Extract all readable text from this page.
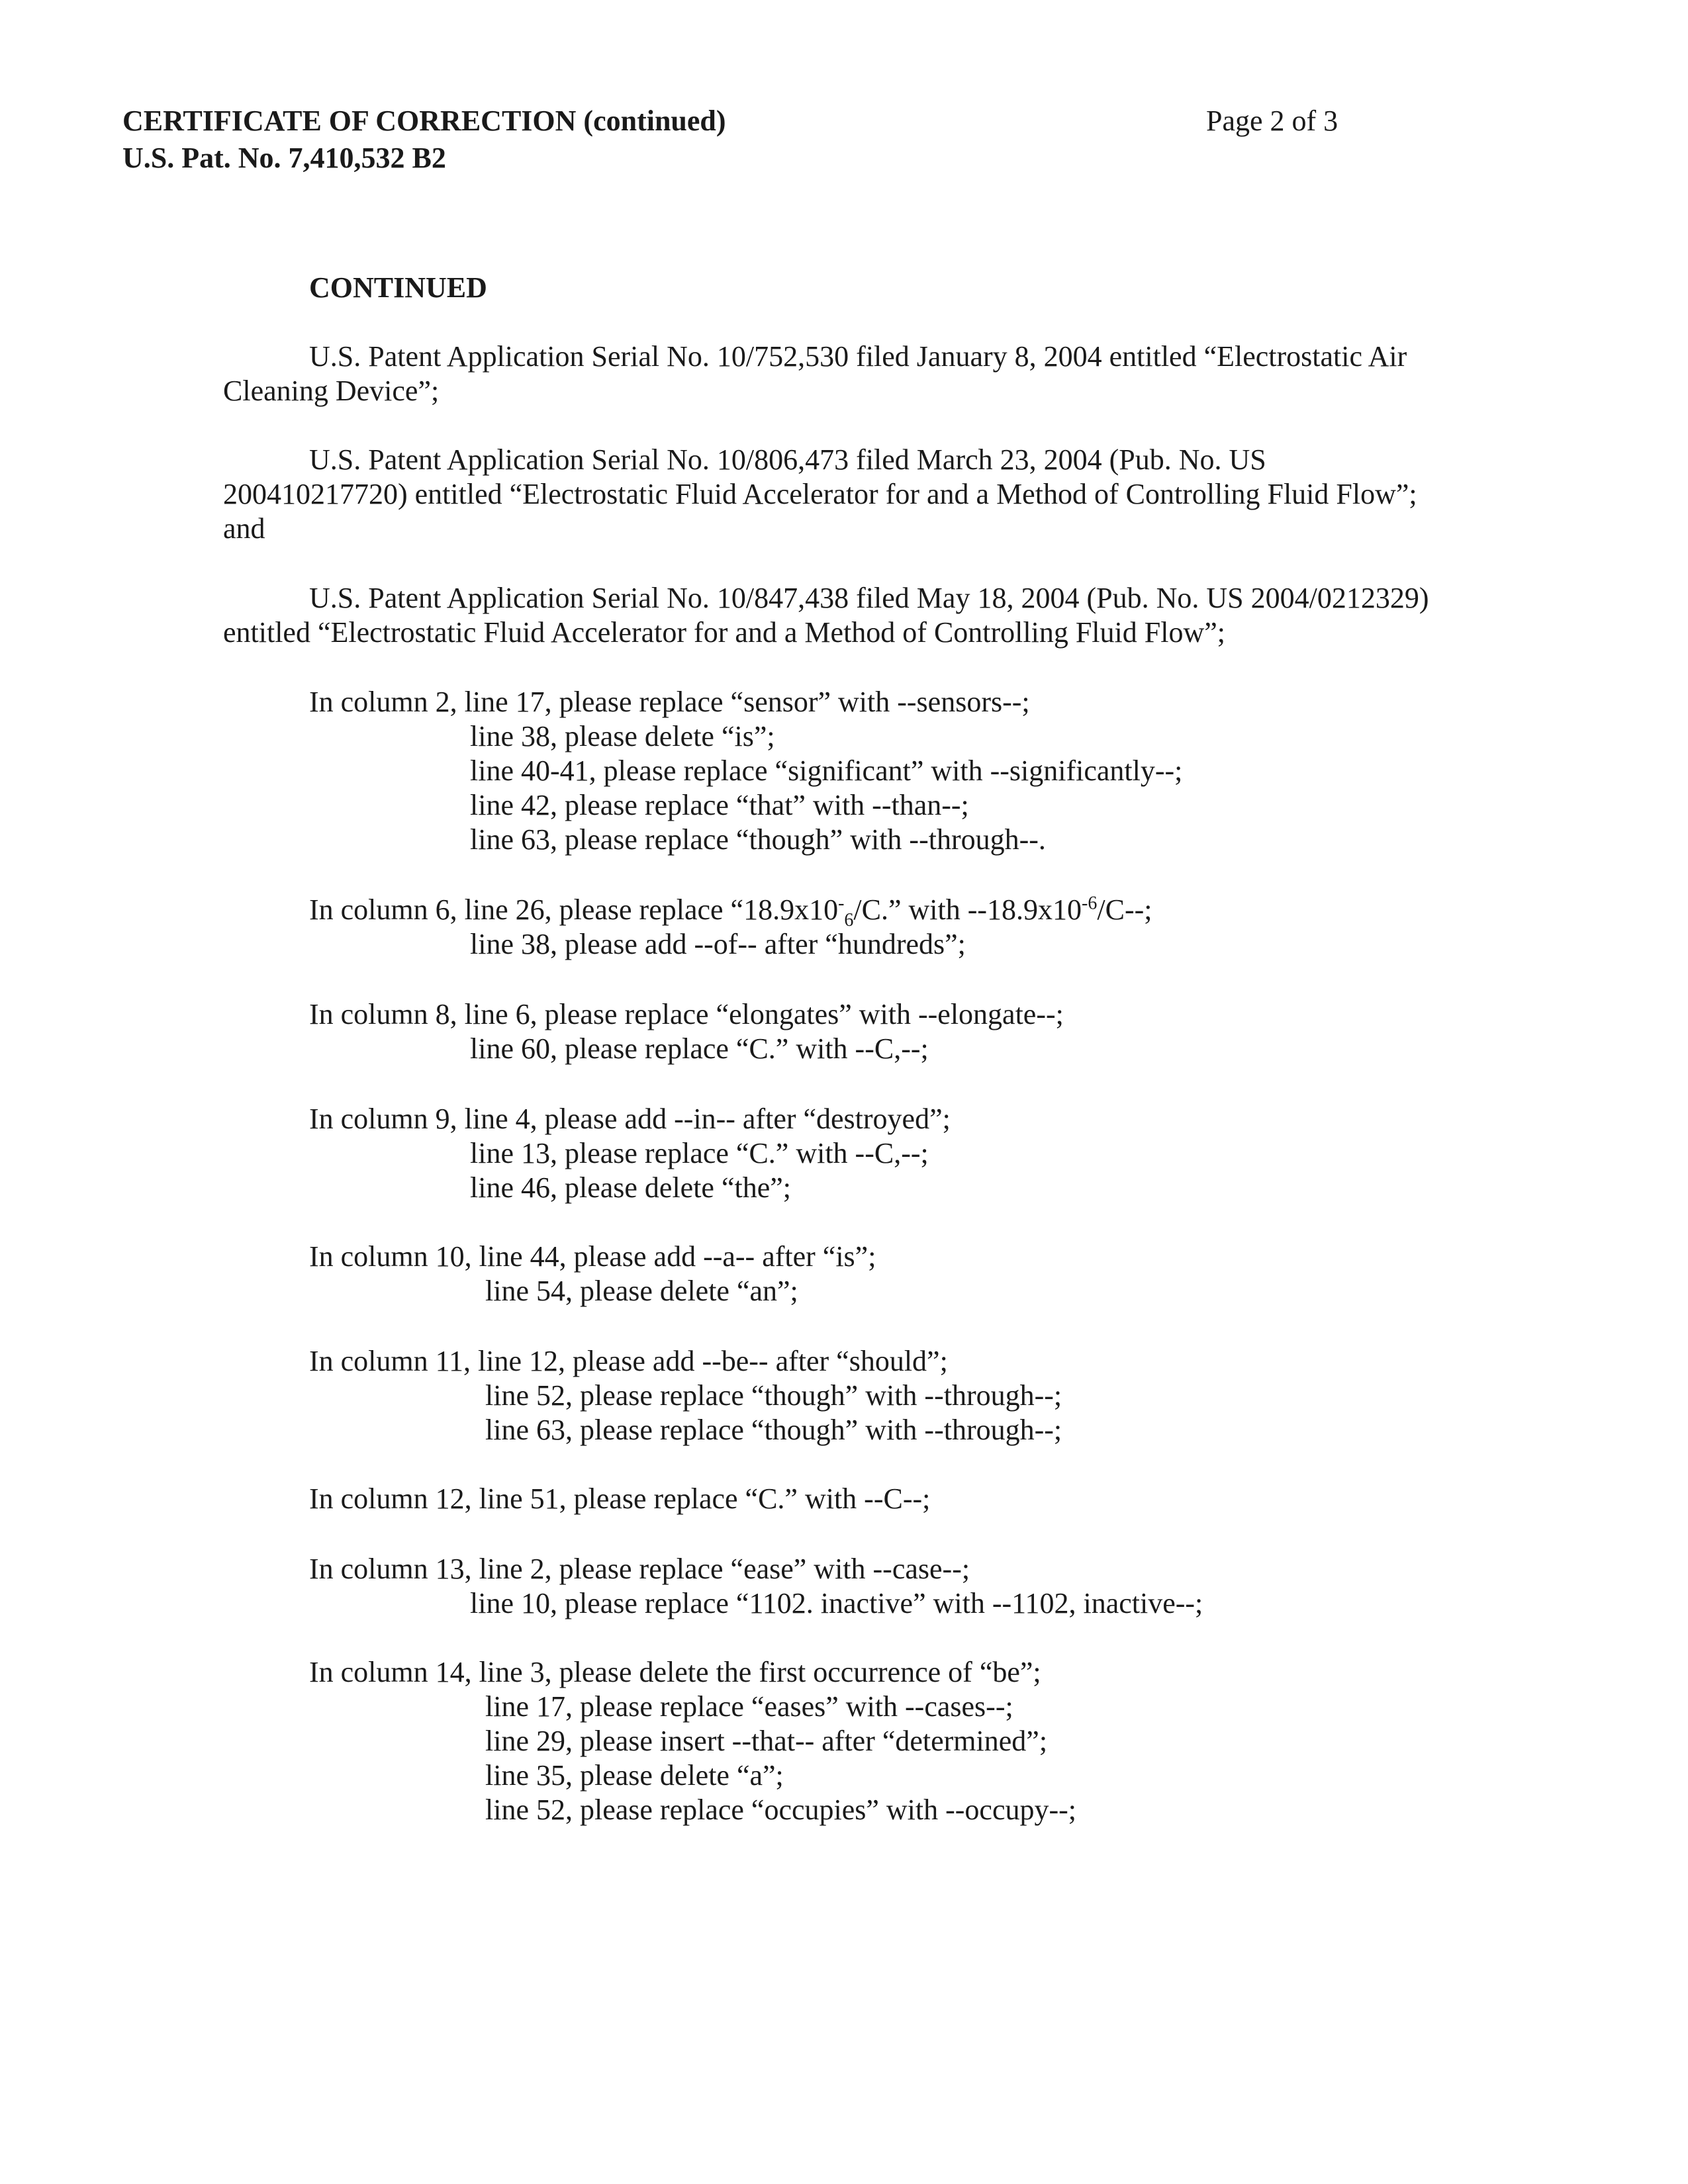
CERTIFICATE OF CORRECTION (continued)	Page 2 of 3
U.S. Pat. No. 7,410,532 B2
CONTINUED
U.S. Patent Application Serial No. 10/752,530 filed January 8, 2004 entitled “Electrostatic Air
Cleaning Device”;
U.S. Patent Application Serial No. 10/806,473 filed March 23, 2004 (Pub. No. US
200410217720) entitled “Electrostatic Fluid Accelerator for and a Method of Controlling Fluid Flow”;
and
U.S. Patent Application Serial No. 10/847,438 filed May 18, 2004 (Pub. No. US 2004/0212329)
entitled “Electrostatic Fluid Accelerator for and a Method of Controlling Fluid Flow”;
In column 2, line 17, please replace “sensor” with --sensors--;
line 38, please delete “is”;
line 40-41, please replace “significant” with --significantly--;
line 42, please replace “that” with --than--;
line 63, please replace “though” with --through--.
In column 6, line 26, please replace “$18.9x10^-_6/C$.” with $--18.9x10^{-6}/C--$;
line 38, please add --of-- after “hundreds”;
In column 8, line 6, please replace “elongates” with --elongate--;
line 60, please replace “C.” with --C,--;
In column 9, line 4, please add --in-- after “destroyed”;
line 13, please replace “C.” with --C,--;
line 46, please delete “the”;
In column 10, line 44, please add --a-- after “is”;
line 54, please delete “an”;
In column 11, line 12, please add --be-- after “should”;
line 52, please replace “though” with --through--;
line 63, please replace “though” with --through--;
In column 12, line 51, please replace “C.” with --C--;
In column 13, line 2, please replace “ease” with --case--;
line 10, please replace “1102. inactive” with --1102, inactive--;
In column 14, line 3, please delete the first occurrence of “be”;
line 17, please replace “eases” with --cases--;
line 29, please insert --that-- after “determined”;
line 35, please delete “a”;
line 52, please replace “occupies” with --occupy--;
